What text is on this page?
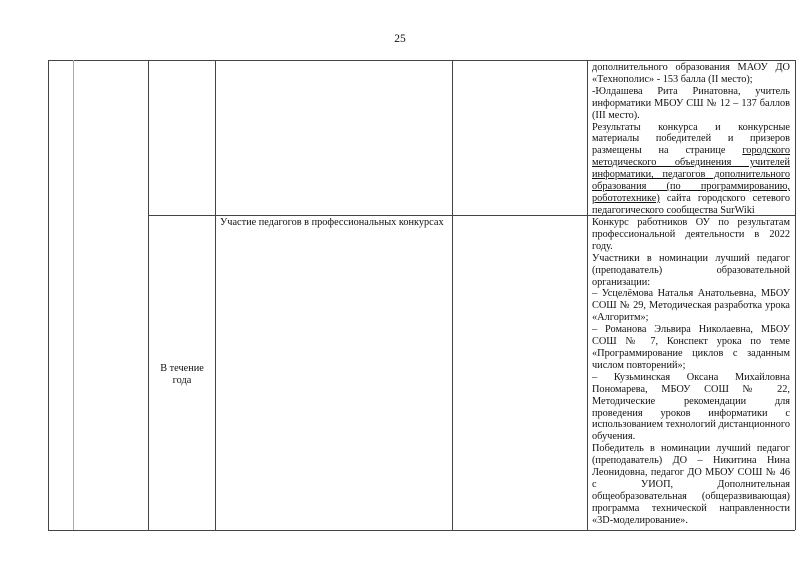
25

дополнительного образования МАОУ ДО «Технополис» - 153 балла (II место);

-Юлдашева Рита Ринатовна, учитель информатики МБОУ СШ № 12 – 137 баллов (III место).

Результаты конкурса и конкурсные материалы победителей и призеров размещены на странице городского методического объединения учителей информатики, педагогов дополнительного образования (по программированию, робототехнике) сайта городского сетевого педагогического сообщества SurWiki

В течение года

Участие педагогов в профессиональных конкурсах	Конкурс работников ОУ по результатам профессиональной деятельности в 2022 году.

Участники в номинации лучший педагог (преподаватель) образовательной организации:

– Усцелёмова Наталья Анатольевна, МБОУ СОШ № 29, Методическая разработка урока «Алгоритм»;

– Романова Эльвира Николаевна, МБОУ СОШ № 7, Конспект урока по теме «Программирование циклов с заданным числом повторений»;

– Кузьминская Оксана Михайловна Пономарева, МБОУ СОШ № 22, Методические рекомендации для проведения уроков информатики с использованием технологий дистанционного обучения.

Победитель в номинации лучший педагог (преподаватель) ДО – Никитина Нина Леонидовна, педагог ДО МБОУ СОШ № 46 с УИОП, Дополнительная общеобразовательная (общеразвивающая) программа технической направленности «3D-моделирование».
